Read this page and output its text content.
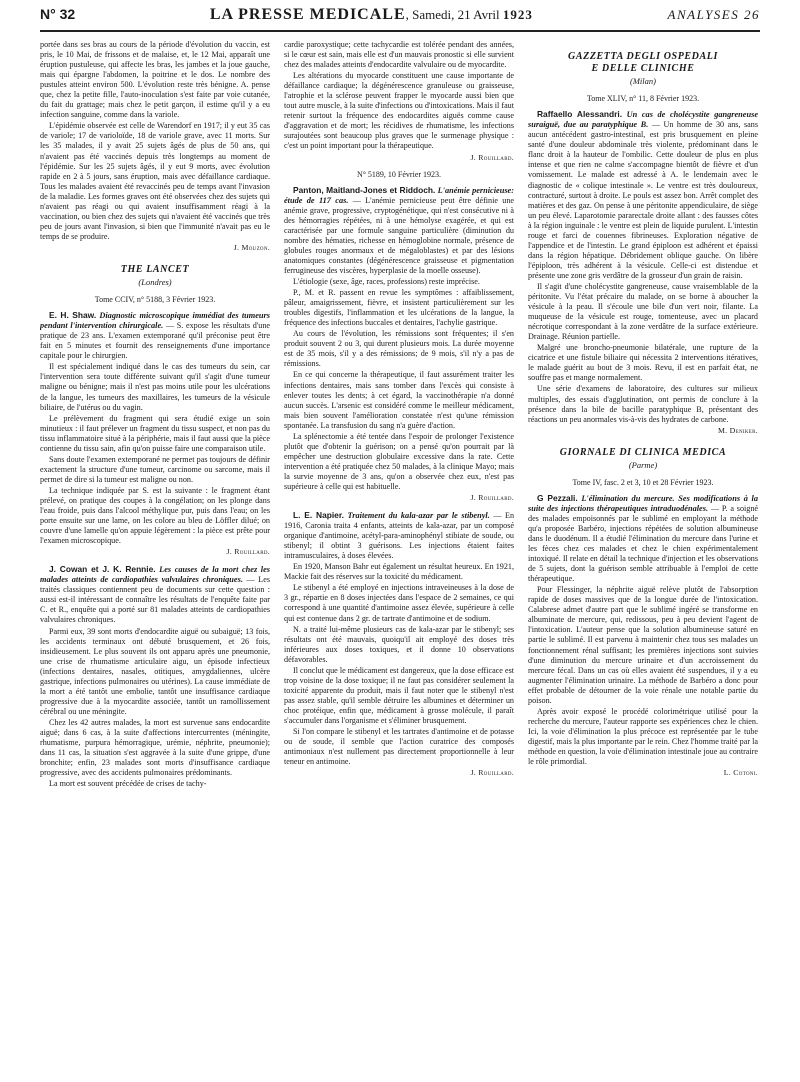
N° 32	LA PRESSE MEDICALE, Samedi, 21 Avril 1923	ANALYSES 26

portée dans ses bras au cours de la période d'évolution du vaccin, est pris, le 10 Mai, de frissons et de malaise, et, le 12 Mai, apparaît une éruption pustuleuse, qui affecte les bras, les jambes et la joue gauche, mais qui épargne l'abdomen, la poitrine et le dos. Le nombre des pustules atteint environ 500. L'évolution reste très bénigne. A. pense que, chez la petite fille, l'auto-inoculation s'est faite par voie cutanée, du fait du grattage; mais chez le petit garçon, il estime qu'il y a eu infection sanguine, comme dans la variole.

L'épidémie observée est celle de Warendorf en 1917; il y eut 35 cas de variole; 17 de varioloïde, 18 de variole grave, avec 11 morts. Sur les 35 malades, il y avait 25 sujets âgés de plus de 50 ans, qui n'avaient pas été vaccinés depuis très longtemps au moment de l'épidémie. Sur les 25 sujets âgés, il y eut 9 morts, avec évolution rapide en 2 à 5 jours, sans éruption, mais avec défaillance cardiaque. Tous les malades avaient été revaccinés peu de temps avant l'invasion de la maladie. Les formes graves ont été observées chez des sujets qui n'avaient pas réagi ou qui avaient insuffisamment réagi à la vaccination, ou bien chez des sujets qui n'avaient été vaccinés que très peu de jours avant l'invasion, si bien que l'immunité n'avait pas eu le temps de se produire.

J. Mouzon.
THE LANCET
(Londres)
Tome CCIV, n° 5188, 3 Février 1923.

E. H. Shaw. Diagnostic microscopique immédiat des tumeurs pendant l'intervention chirurgicale. — S. expose les résultats d'une pratique de 23 ans. L'examen extemporané qu'il préconise peut être fait en 5 minutes et fournit des renseignements d'une importance capitale pour le chirurgien.

Il est spécialement indiqué dans le cas des tumeurs du sein, car l'intervention sera toute différente suivant qu'il s'agit d'une tumeur maligne ou bénigne; mais il n'est pas moins utile pour les ulcérations de la langue, les tumeurs des maxillaires, les tumeurs de la vésicule biliaire, de l'utérus ou du vagin.

Le prélèvement du fragment qui sera étudié exige un soin minutieux : il faut prélever un fragment du tissu suspect, et non pas du tissu inflammatoire situé à la périphérie, mais il faut aussi que la pièce contienne du tissu sain, afin qu'on puisse faire une comparaison utile.

Sans doute l'examen extemporané ne permet pas toujours de définir exactement la structure d'une tumeur, carcinome ou sarcome, mais il permet de dire si la tumeur est maligne ou non.

La technique indiquée par S. est la suivante : le fragment étant prélevé, on pratique des coupes à la congélation; on les plonge dans l'eau froide, puis dans l'alcool méthylique pur, puis dans l'eau; on les porte ensuite sur une lame, on les colore au bleu de Löffler dilué; on couvre d'une lamelle qu'on appuie légèrement : la pièce est prête pour l'examen microscopique.

J. Rouillard.

J. Cowan et J. K. Rennie. Les causes de la mort chez les malades atteints de cardiopathies valvulaires chroniques. — Les traités classiques contiennent peu de documents sur cette question : aussi est-il intéressant de connaître les résultats de l'enquête faite par C. et R., enquête qui a porté sur 81 malades atteints de cardiopathies valvulaires chroniques.

Parmi eux, 39 sont morts d'endocardite aiguë ou subaiguë; 13 fois, les accidents terminaux ont débuté brusquement, et 26 fois, insidieusement. Le plus souvent ils ont apparu après une pneumonie, une crise de rhumatisme articulaire aigu, un épisode infectieux (infections dentaires, nasales, otitiques, amygdaliennes, ulcère gastrique, infections pulmonaires ou utérines). La cause immédiate de la mort a été tantôt une embolie, tantôt une insuffisance cardiaque progressive due à la myocardite associée, tantôt un ramollissement cérébral ou une méningite.

Chez les 42 autres malades, la mort est survenue sans endocardite aiguë; dans 6 cas, à la suite d'affections intercurrentes (méningite, rhumatisme, purpura hémorragique, urémie, néphrite, pneumonie); dans 11 cas, la situation s'est aggravée à la suite d'une grippe, d'une bronchite; enfin, 23 malades sont morts d'insuffisance cardiaque progressive, avec des accidents pulmonaires prédominants.

La mort est souvent précédée de crises de tachy-

cardie paroxystique; cette tachycardie est tolérée pendant des années, si le cœur est sain, mais elle est d'un mauvais pronostic si elle survient chez des malades atteints d'endocardite valvulaire ou de myocardite.

Les altérations du myocarde constituent une cause importante de défaillance cardiaque; la dégénérescence granuleuse ou graisseuse, l'atrophie et la sclérose peuvent frapper le myocarde aussi bien que tout autre muscle, à la suite d'infections ou d'intoxications. Mais il faut retenir surtout la fréquence des endocardites aiguës comme cause d'aggravation et de mort; les récidives de rhumatisme, les infections surajoutées sont beaucoup plus graves que le surmenage physique : c'est un point important pour la thérapeutique.

J. Rouillard.
N° 5189, 10 Février 1923.

Panton, Maitland-Jones et Riddoch. L'anémie pernicieuse: étude de 117 cas. — L'anémie pernicieuse peut être définie une anémie grave, progressive, cryptogénétique, qui n'est consécutive ni à des hémorragies répétées, ni à une hémolyse exagérée, et qui est caractérisée par une formule sanguine particulière (diminution du nombre des hématies, richesse en hémoglobine normale, présence de globules rouges anormaux et de mégaloblastes) et par des lésions anatomiques constantes (dégénérescence graisseuse et pigmentation ferrugineuse des viscères, hyperplasie de la moelle osseuse).

L'étiologie (sexe, âge, races, professions) reste imprécise.

P., M. et R. passent en revue les symptômes : affaiblissement, pâleur, amaigrissement, fièvre, et insistent particulièrement sur les troubles digestifs, l'inflammation et les ulcérations de la langue, la fréquence des infections buccales et dentaires, l'achylie gastrique.

Au cours de l'évolution, les rémissions sont fréquentes; il s'en produit souvent 2 ou 3, qui durent plusieurs mois. La durée moyenne est de 35 mois, s'il y a des rémissions; de 9 mois, s'il n'y a pas de rémissions.

En ce qui concerne la thérapeutique, il faut assurément traiter les infections dentaires, mais sans tomber dans l'excès qui consiste à enlever toutes les dents; à cet égard, la vaccinothérapie n'a donné aucun succès. L'arsenic est considéré comme le meilleur médicament, mais bien souvent l'amélioration constatée n'est qu'une rémission spontanée. La transfusion du sang n'a guère d'action.

La splénectomie a été tentée dans l'espoir de prolonger l'existence plutôt que d'obtenir la guérison; on a pensé qu'on pourrait par là empêcher une destruction globulaire excessive dans la rate. Cette intervention a été pratiquée chez 50 malades, à la clinique Mayo; mais la survie moyenne de 3 ans, qu'on a observée chez eux, n'est pas supérieure à celle qui est habituelle.

J. Rouillard.

L. E. Napier. Traitement du kala-azar par le stibenyl. — En 1916, Caronia traita 4 enfants, atteints de kala-azar, par un composé organique d'antimoine, acétyl-para-aminophényl stibiate de soude, ou stibenyl; il obtint 3 guérisons. Les injections étaient faites intramusculaires, à doses élevées.

En 1920, Manson Bahr eut également un résultat heureux. En 1921, Mackie fait des réserves sur la toxicité du médicament.

Le stibenyl a été employé en injections intraveineuses à la dose de 3 gr., répartie en 8 doses injectées dans l'espace de 2 semaines, ce qui correspond à une quantité d'antimoine assez élevée, supérieure à celle qui est contenue dans 2 gr. de tartrate d'antimoine et de sodium.

N. a traité lui-même plusieurs cas de kala-azar par le stibenyl; ses résultats ont été mauvais, quoiqu'il ait employé des doses très inférieures aux doses toxiques, et il donne 10 observations défavorables.

Il conclut que le médicament est dangereux, que la dose efficace est trop voisine de la dose toxique; il ne faut pas considérer seulement la toxicité apparente du produit, mais il faut noter que le stibenyl n'est pas assez stable, qu'il semble détruire les albumines et déterminer un choc protéique, enfin que, médicament à grosse molécule, il paraît s'accumuler dans l'organisme et s'éliminer brusquement.

Si l'on compare le stibenyl et les tartrates d'antimoine et de potasse ou de soude, il semble que l'action curatrice des composés antimoniaux n'est nullement pas directement proportionnelle à leur teneur en antimoine.

J. Rouillard.
GAZZETTA DEGLI OSPEDALI
E DELLE CLINICHE
(Milan)
Tome XLIV, n° 11, 8 Février 1923.

Raffaello Alessandri. Un cas de cholécystite gangreneuse suraiguë, due au paratyphique B. — Un homme de 30 ans, sans aucun antécédent gastro-intestinal, est pris brusquement en pleine santé d'une douleur abdominale très violente, prédominant dans le flanc droit à la hauteur de l'ombilic. Cette douleur de plus en plus intense et que rien ne calme s'accompagne bientôt de fièvre et d'un vomissement. Le malade est adressé à A. le lendemain avec le diagnostic de « colique intestinale ». Le ventre est très douloureux, contracturé, surtout à droite. Le pouls est assez bon. Arrêt complet des matières et des gaz. On pense à une péritonite appendiculaire, de siège un peu élevé. Laparotomie pararectale droite allant : des fausses côtes à la région inguinale : le ventre est plein de liquide purulent. L'intestin rouge et farci de couennes fibrineuses. Exploration négative de l'appendice et de l'intestin. Le grand épiploon est adhérent et épaissi dans la région hépatique. Débridement oblique gauche. On libère l'épiploon, très adhérent à la vésicule. Celle-ci est distendue et présente une zone gris verdâtre de la grosseur d'un grain de raisin.

Il s'agit d'une cholécystite gangreneuse, cause vraisemblable de la péritonite. Vu l'état précaire du malade, on se borne à aboucher la vésicule à la peau. Il s'écoule une bile d'un vert noir, filante. La muqueuse de la vésicule est rouge, tomenteuse, avec un placard nécrotique correspondant à la zone verdâtre de la surface extérieure. Drainage. Réunion partielle.

Malgré une broncho-pneumonie bilatérale, une rupture de la cicatrice et une fistule biliaire qui nécessita 2 interventions itératives, le malade guérit au bout de 3 mois. Revu, il est en parfait état, ne souffre pas et mange normalement.

Une série d'examens de laboratoire, des cultures sur milieux multiples, des essais d'agglutination, ont permis de conclure à la présence dans la bile de bacille paratyphique B, présentant des réactions un peu anormales vis-à-vis des hydrates de carbone.

M. Deniker.
GIORNALE DI CLINICA MEDICA
(Parme)
Tome IV, fasc. 2 et 3, 10 et 28 Février 1923.

G Pezzali. L'élimination du mercure. Ses modifications à la suite des injections thérapeutiques intraduodénales. — P. a soigné des malades empoisonnés par le sublimé en employant la méthode qu'a proposée Barbéro, injections répétées de solution albumineuse dans le duodénum. Il a étudié l'élimination du mercure dans l'urine et les fèces chez ces malades et chez le chien expérimentalement intoxiqué. Il relate en détail la technique d'injection et les observations de 5 sujets, dont la guérison semble attribuable à l'emploi de cette thérapeutique.

Pour Flessinger, la néphrite aiguë relève plutôt de l'absorption rapide de doses massives que de la longue durée de l'intoxication. Calabrese admet d'autre part que le sublimé ingéré se transforme en albuminate de mercure, qui, redissous, peu à peu devient l'agent de l'intoxication. L'auteur pense que la solution albumineuse saturé en partie le sublimé. Il est parvenu à maintenir chez tous ses malades un fonctionnement rénal suffisant; les premières injections sont suivies d'une diminution du mercure urinaire et d'un accroissement du mercure fécal. Dans un cas où elles avaient été suspendues, il y a eu augmenter l'élimination urinaire. La méthode de Barbéro a donc pour effet probable de détourner de la voie rénale une notable partie du poison.

Après avoir exposé le procédé colorimétrique utilisé pour la recherche du mercure, l'auteur rapporte ses expériences chez le chien. Ici, la voie d'élimination la plus précoce est représentée par le tube digestif, mais la plus importante par le rein. Chez l'homme traité par la méthode en question, la voie d'élimination intestinale joue au contraire le rôle primordial.

L. Cotoni.
